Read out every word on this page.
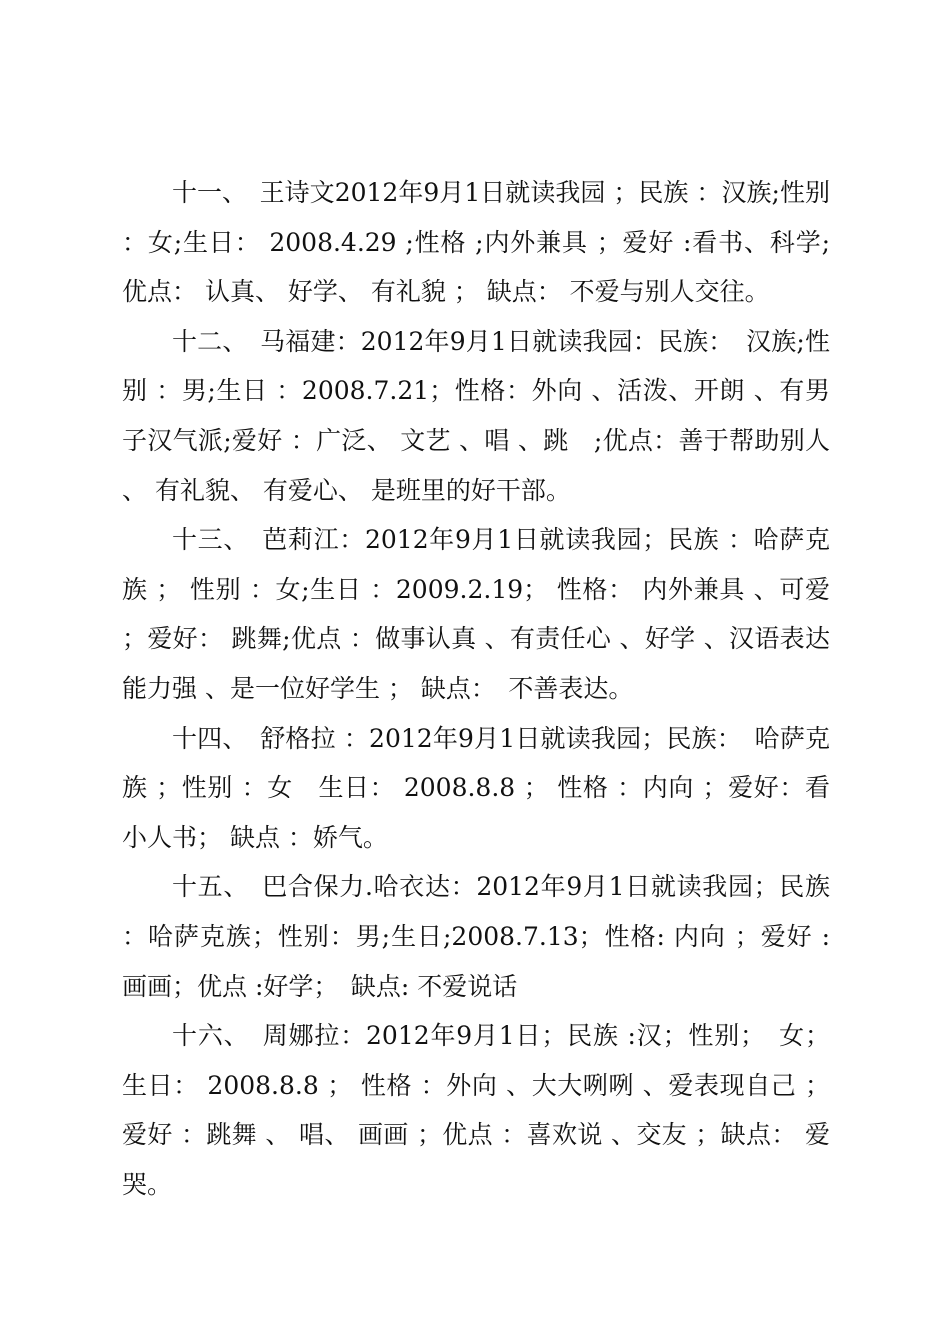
十一、　王诗文2012年9月1日就读我园 ；民族 ：汉族;性别 ：女;生日： 2008.4.29 ;性格 ;内外兼具 ；爱好 :看书、科学;优点： 认真、 好学、 有礼貌 ； 缺点： 不爱与别人交往。

十二、　马福建：2012年9月1日就读我园：民族：　汉族;性别 ：男;生日 ：2008.7.21；性格：外向 、活泼、开朗 、有男子汉气派;爱好 ：广泛、 文艺 、唱 、跳　;优点：善于帮助别人、 有礼貌、 有爱心、 是班里的好干部。

十三、　芭莉江：2012年9月1日就读我园；民族 ：哈萨克族 ； 性别 ：女;生日 ：2009.2.19； 性格： 内外兼具 、可爱 ；爱好： 跳舞;优点 ：做事认真 、有责任心 、好学 、汉语表达能力强 、是一位好学生 ； 缺点：　不善表达。

十四、　舒格拉 ：2012年9月1日就读我园；民族：　哈萨克族 ；性别 ：女　生日： 2008.8.8 ； 性格 ：内向 ；爱好：看小人书； 缺点 ：娇气。

十五、　巴合保力.哈衣达：2012年9月1日就读我园；民族 ：哈萨克族；性别：男;生日;2008.7.13；性格: 内向 ；爱好 :画画；优点 :好学；　缺点: 不爱说话

十六、　周娜拉：2012年9月1日；民族 :汉；性别；　女；生日： 2008.8.8 ； 性格 ：外向 、大大咧咧 、爱表现自己 ；爱好 ：跳舞 、 唱、 画画 ；优点 ：喜欢说 、交友 ；缺点： 爱哭。
